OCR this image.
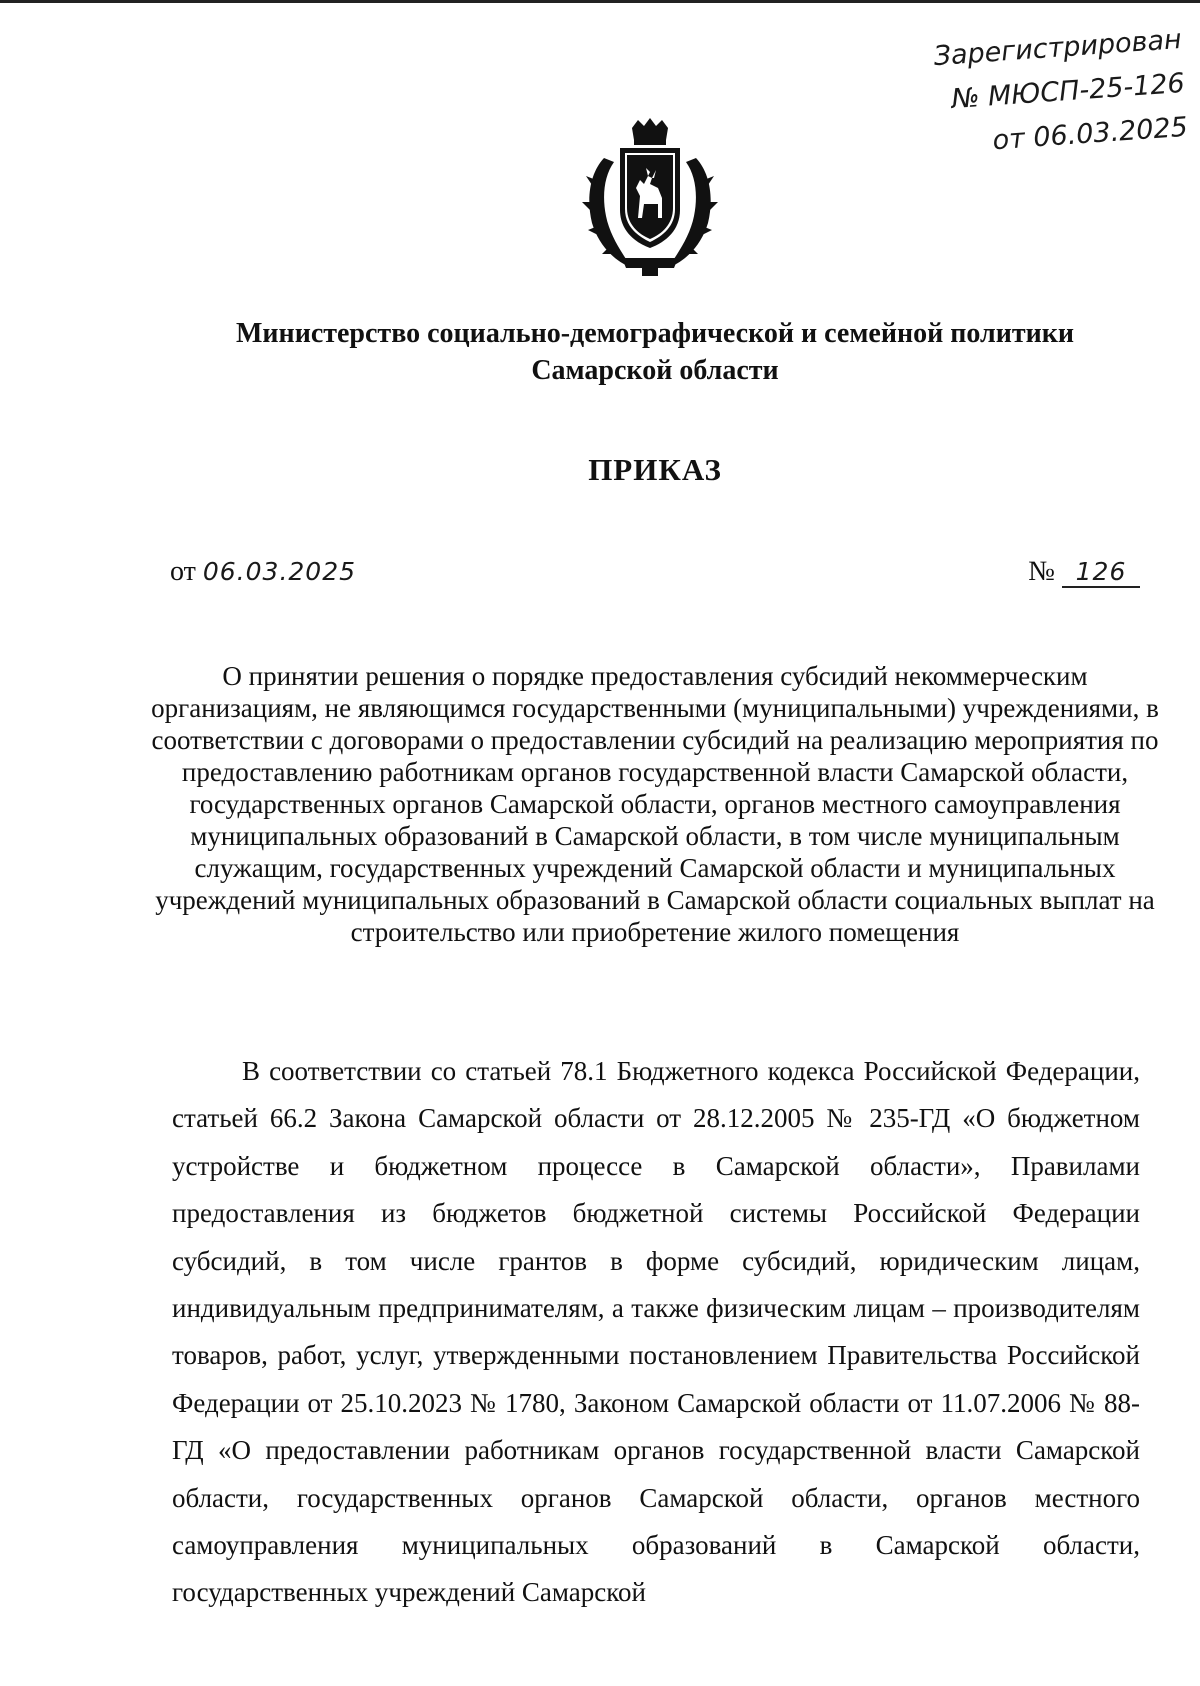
Зарегистрирован
№ МЮСП-25-126
от 06.03.2025
Министерство социально-демографической и семейной политики
Самарской области
ПРИКАЗ
от 06.03.2025	№ 126
О принятии решения о порядке предоставления субсидий некоммерческим организациям, не являющимся государственными (муниципальными) учреждениями, в соответствии с договорами о предоставлении субсидий на реализацию мероприятия по предоставлению работникам органов государственной власти Самарской области, государственных органов Самарской области, органов местного самоуправления муниципальных образований в Самарской области, в том числе муниципальным служащим, государственных учреждений Самарской области и муниципальных учреждений муниципальных образований в Самарской области социальных выплат на строительство или приобретение жилого помещения
В соответствии со статьей 78.1 Бюджетного кодекса Российской Федерации, статьей 66.2 Закона Самарской области от 28.12.2005 № 235-ГД «О бюджетном устройстве и бюджетном процессе в Самарской области», Правилами предоставления из бюджетов бюджетной системы Российской Федерации субсидий, в том числе грантов в форме субсидий, юридическим лицам, индивидуальным предпринимателям, а также физическим лицам – производителям товаров, работ, услуг, утвержденными постановлением Правительства Российской Федерации от 25.10.2023 № 1780, Законом Самарской области от 11.07.2006 № 88-ГД «О предоставлении работникам органов государственной власти Самарской области, государственных органов Самарской области, органов местного самоуправления муниципальных образований в Самарской области, государственных учреждений Самарской
